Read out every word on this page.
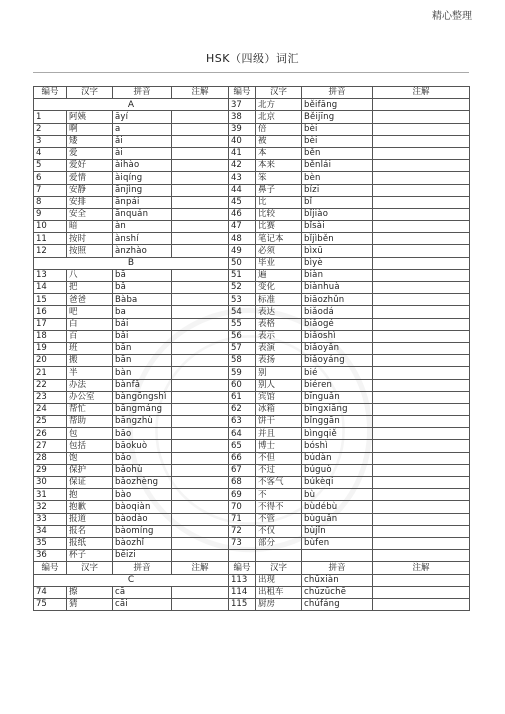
精心整理
HSK（四级）词汇
编号	汉字	拼音	注解	编号	汉字	拼音	注解
A				37	北方	běifāng	
1	阿姨	āyí		38	北京	Běijīng	
2	啊	a		39	倍	bèi	
3	矮	ǎi		40	被	bèi	
4	爱	ài		41	本	běn	
5	爱好	àihào		42	本来	běnlái	
6	爱情	àiqíng		43	笨	bèn	
7	安静	ānjìng		44	鼻子	bízi	
8	安排	ānpái		45	比	bǐ	
9	安全	ānquán		46	比较	bǐjiào	
10	暗	àn		47	比赛	bǐsài	
11	按时	ànshí		48	笔记本	bǐjìběn	
12	按照	ànzhào		49	必须	bìxū	
B				50	毕业	bìyè	
13	八	bā		51	遍	biàn	
14	把	bǎ		52	变化	biànhuà	
15	爸爸	Bàba		53	标准	biāozhǔn	
16	吧	ba		54	表达	biǎodá	
17	白	bái		55	表格	biǎogé	
18	百	bǎi		56	表示	biǎoshì	
19	班	bān		57	表演	biǎoyǎn	
20	搬	bān		58	表扬	biǎoyáng	
21	半	bàn		59	别	bié	
22	办法	bànfǎ		60	别人	biéren	
23	办公室	bàngōngshì		61	宾馆	bīnguǎn	
24	帮忙	bāngmáng		62	冰箱	bīngxiāng	
25	帮助	bāngzhù		63	饼干	bǐnggān	
26	包	bāo		64	并且	bìngqiě	
27	包括	bāokuò		65	博士	bóshì	
28	饱	bǎo		66	不但	búdàn	
29	保护	bǎohù		67	不过	búguò	
30	保证	bǎozhèng		68	不客气	búkèqi	
31	抱	bào		69	不	bù	
32	抱歉	bàoqiàn		70	不得不	bùdébù	
33	报道	bàodào		71	不管	bùguǎn	
34	报名	bàomíng		72	不仅	bùjǐn	
35	报纸	bàozhǐ		73	部分	bùfen	
36	杯子	bēizi					
编号	汉字	拼音	注解	编号	汉字	拼音	注解
C				113	出现	chūxiàn	
74	擦	cā		114	出租车	chūzūchē	
75	猜	cāi		115	厨房	chúfáng	
